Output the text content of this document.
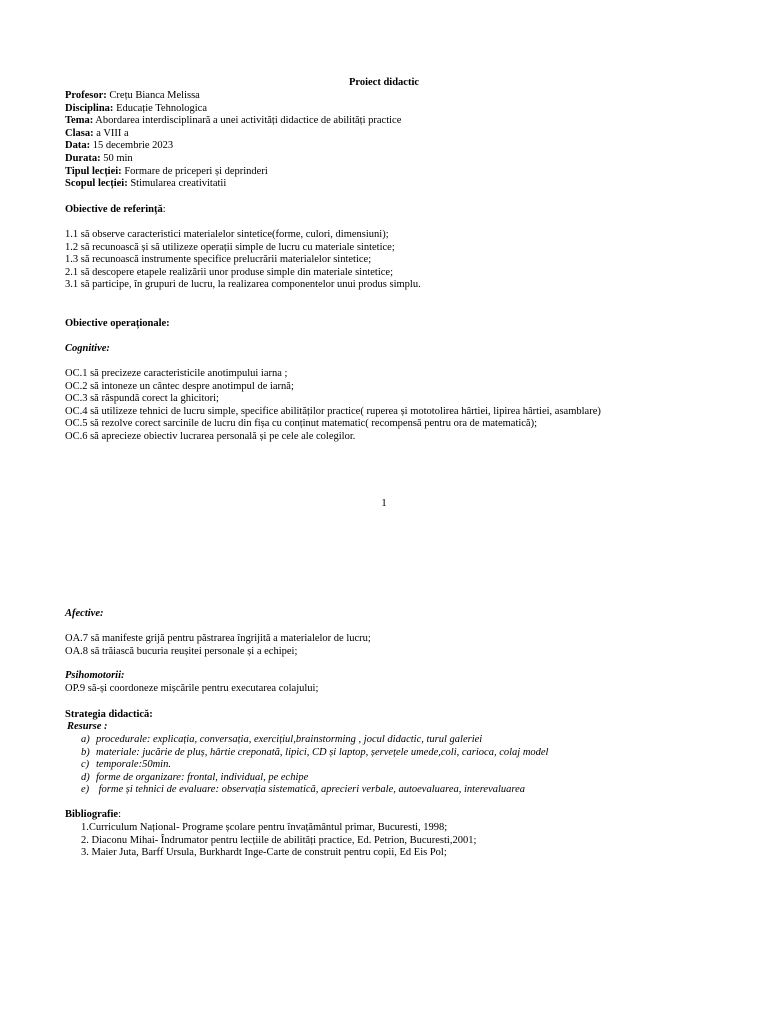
Proiect didactic
Profesor: Crețu Bianca Melissa
Disciplina: Educație Tehnologica
Tema: Abordarea interdisciplinară a unei activități didactice de abilități practice
Clasa: a VIII a
Data: 15 decembrie 2023
Durata: 50 min
Tipul lecției: Formare de priceperi și deprinderi
Scopul lecției: Stimularea creativitatii
Obiective de referință:
1.1 să observe caracteristici materialelor sintetice(forme, culori, dimensiuni);
1.2 să recunoască și să utilizeze operații simple de lucru cu materiale sintetice;
1.3 să recunoască instrumente specifice prelucrării materialelor sintetice;
2.1 să descopere etapele realizării unor produse simple din materiale sintetice;
3.1 să participe, în grupuri de lucru, la realizarea componentelor unui produs simplu.
Obiective operaționale:
Cognitive:
OC.1 să precizeze caracteristicile anotimpului iarna ;
OC.2 să intoneze un cântec despre anotimpul de iarnă;
OC.3 să răspundă corect la ghicitori;
OC.4 să utilizeze tehnici de lucru simple, specifice abilităților practice( ruperea și mototolirea hârtiei, lipirea hârtiei, asamblare)
OC.5 să rezolve corect sarcinile de lucru din fișa cu conținut matematic( recompensă pentru ora de matematică);
OC.6 să aprecieze obiectiv lucrarea personală și pe cele ale colegilor.
1
Afective:
OA.7 să manifeste grijă pentru păstrarea îngrijită a materialelor de lucru;
OA.8 să trăiască bucuria reușitei personale și a echipei;
Psihomotorii:
OP.9 să-și coordoneze mișcările pentru executarea colajului;
Strategia didactică:
Resurse :
a) procedurale: explicația, conversația, exercițiul,brainstorming , jocul didactic, turul galeriei
b) materiale: jucărie de pluș, hârtie creponată, lipici, CD și laptop, șervețele umede,coli, carioca, colaj model
c) temporale:50min.
d) forme de organizare: frontal, individual, pe echipe
e) forme și tehnici de evaluare: observația sistematică, aprecieri verbale, autoevaluarea, interevaluarea
Bibliografie:
1.Curriculum Național- Programe școlare pentru învațământul primar, Bucuresti, 1998;
2. Diaconu Mihai- Îndrumator pentru lecțiile de abilități practice, Ed. Petrion, Bucuresti,2001;
3. Maier Juta, Barff Ursula, Burkhardt Inge-Carte de construit pentru copii, Ed Eis Pol;
